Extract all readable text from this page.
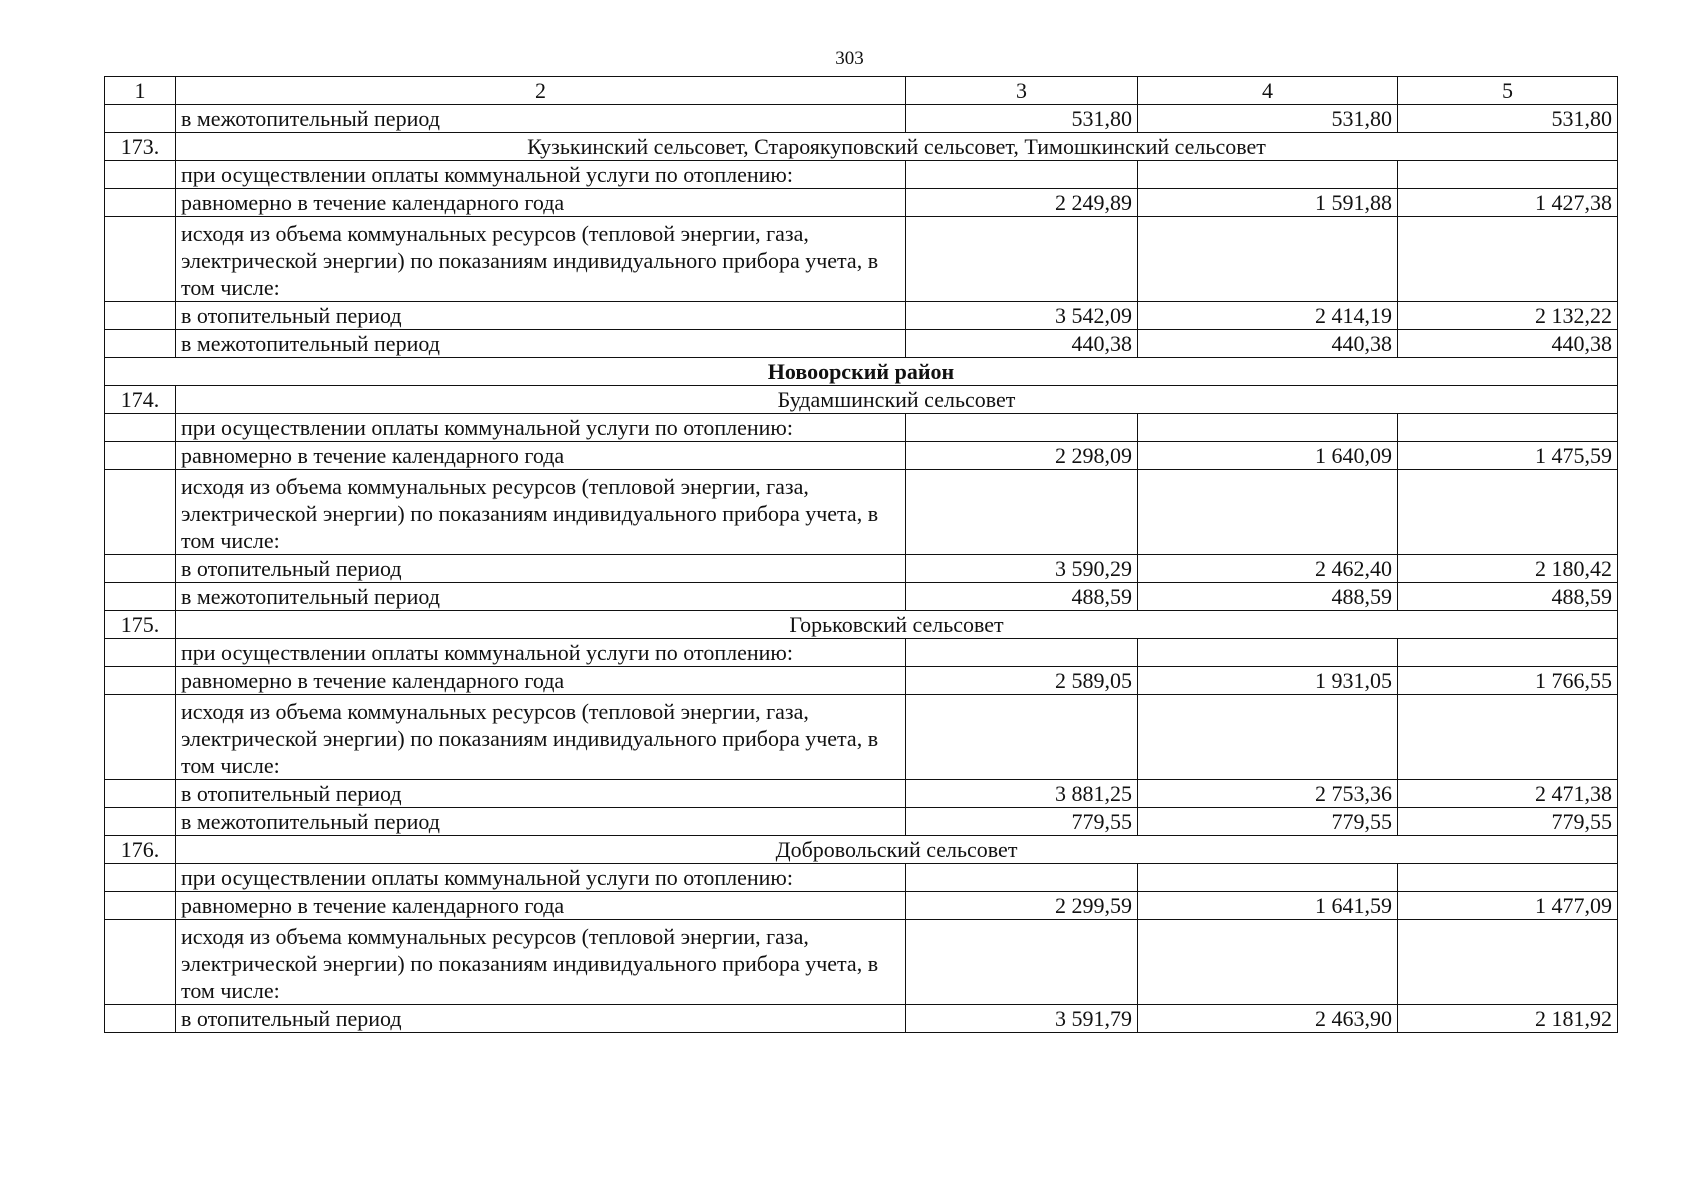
303
1	2	3	4	5
	в межотопительный период	531,80	531,80	531,80
173.	Кузькинский сельсовет, Староякуповский сельсовет, Тимошкинский сельсовет			
	при осуществлении оплаты коммунальной услуги по отоплению:			
	равномерно в течение календарного года	2 249,89	1 591,88	1 427,38
	исходя из объема коммунальных ресурсов (тепловой энергии, газа, электрической энергии) по показаниям индивидуального прибора учета, в том числе:			
	в отопительный период	3 542,09	2 414,19	2 132,22
	в межотопительный период	440,38	440,38	440,38
Новоорский район				
174.	Будамшинский сельсовет			
	при осуществлении оплаты коммунальной услуги по отоплению:			
	равномерно в течение календарного года	2 298,09	1 640,09	1 475,59
	исходя из объема коммунальных ресурсов (тепловой энергии, газа, электрической энергии) по показаниям индивидуального прибора учета, в том числе:			
	в отопительный период	3 590,29	2 462,40	2 180,42
	в межотопительный период	488,59	488,59	488,59
175.	Горьковский сельсовет			
	при осуществлении оплаты коммунальной услуги по отоплению:			
	равномерно в течение календарного года	2 589,05	1 931,05	1 766,55
	исходя из объема коммунальных ресурсов (тепловой энергии, газа, электрической энергии) по показаниям индивидуального прибора учета, в том числе:			
	в отопительный период	3 881,25	2 753,36	2 471,38
	в межотопительный период	779,55	779,55	779,55
176.	Добровольский сельсовет			
	при осуществлении оплаты коммунальной услуги по отоплению:			
	равномерно в течение календарного года	2 299,59	1 641,59	1 477,09
	исходя из объема коммунальных ресурсов (тепловой энергии, газа, электрической энергии) по показаниям индивидуального прибора учета, в том числе:			
	в отопительный период	3 591,79	2 463,90	2 181,92
